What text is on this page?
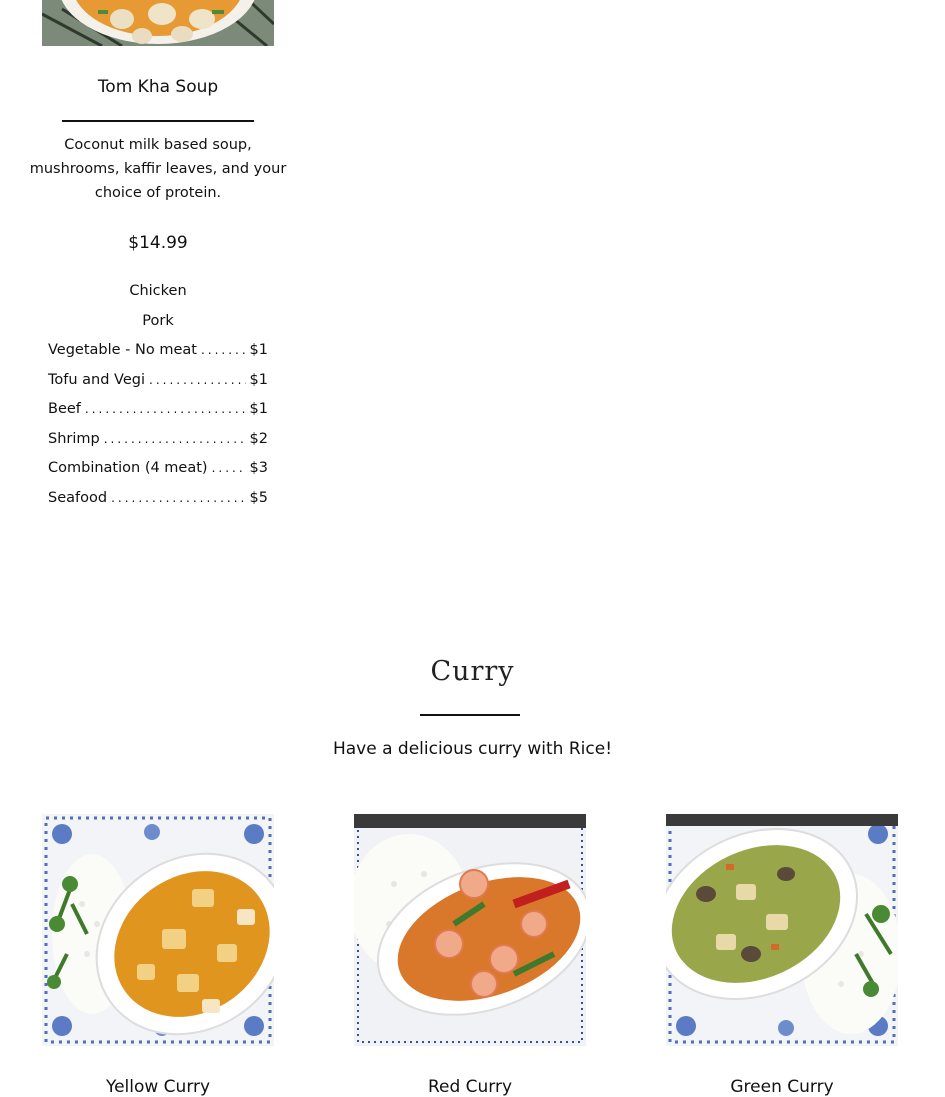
Tom Kha Soup
Coconut milk based soup,
mushrooms, kaffir leaves, and your
choice of protein.
$14.99
Chicken
Pork
Vegetable - No meat .....	$1
Tofu and Vegi .....	$1
Beef .....	$1
Shrimp .....	$2
Combination (4 meat) .....	$3
Seafood .....	$5
Curry
Have a delicious curry with Rice!
Yellow Curry	Red Curry	Green Curry
